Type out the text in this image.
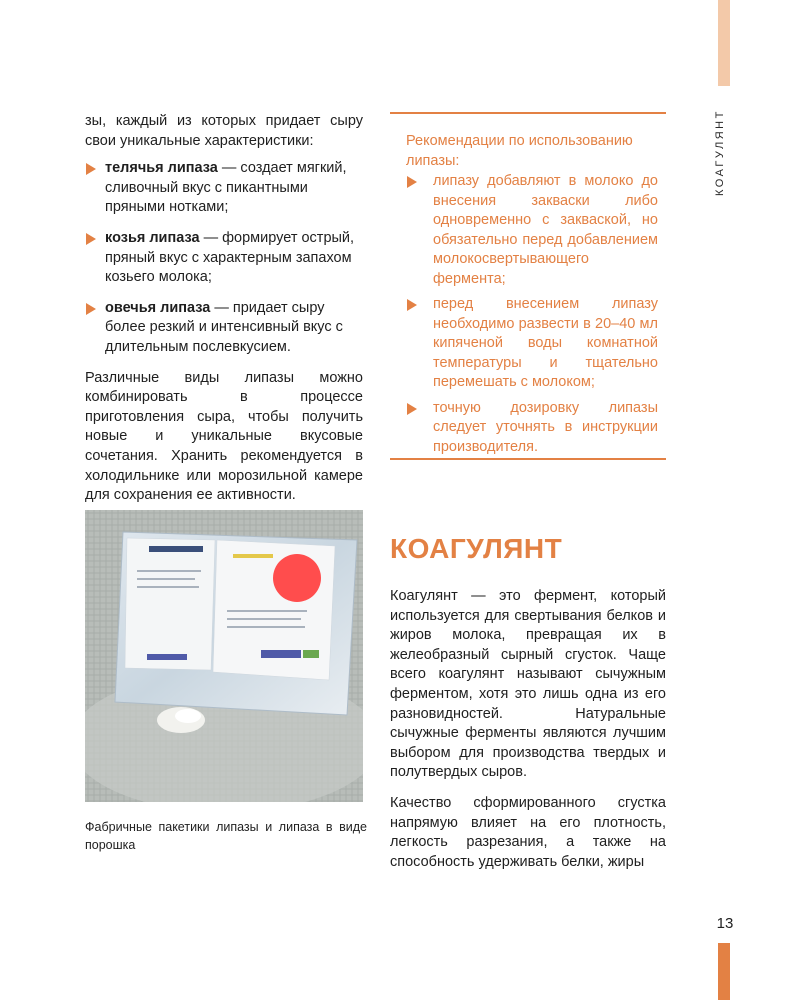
КОАГУЛЯНТ
13

зы, каждый из которых придает сыру свои уникальные характеристики:

телячья липаза — создает мягкий, сливочный вкус с пикантными пряными нотками;
козья липаза — формирует острый, пряный вкус с характерным запахом козьего молока;
овечья липаза — придает сыру более резкий и интенсивный вкус с длительным послевкусием.

Различные виды липазы можно комбинировать в процессе приготовления сыра, чтобы получить новые и уникальные вкусовые сочетания. Хранить рекомендуется в холодильнике или морозильной камере для сохранения ее активности.

Фабричные пакетики липазы и липаза в виде порошка
Рекомендации по использованию липазы:
липазу добавляют в молоко до внесения закваски либо одновременно с закваской, но обязательно перед добавлением молокосвертывающего фермента;
перед внесением липазу необходимо развести в 20–40 мл кипяченой воды комнатной температуры и тщательно перемешать с молоком;
точную дозировку липазы следует уточнять в инструкции производителя.
КОАГУЛЯНТ

Коагулянт — это фермент, который используется для свертывания белков и жиров молока, превращая их в желеобразный сырный сгусток. Чаще всего коагулянт называют сычужным ферментом, хотя это лишь одна из его разновидностей. Натуральные сычужные ферменты являются лучшим выбором для производства твердых и полутвердых сыров.

Качество сформированного сгустка напрямую влияет на его плотность, легкость разрезания, а также на способность удерживать белки, жиры
